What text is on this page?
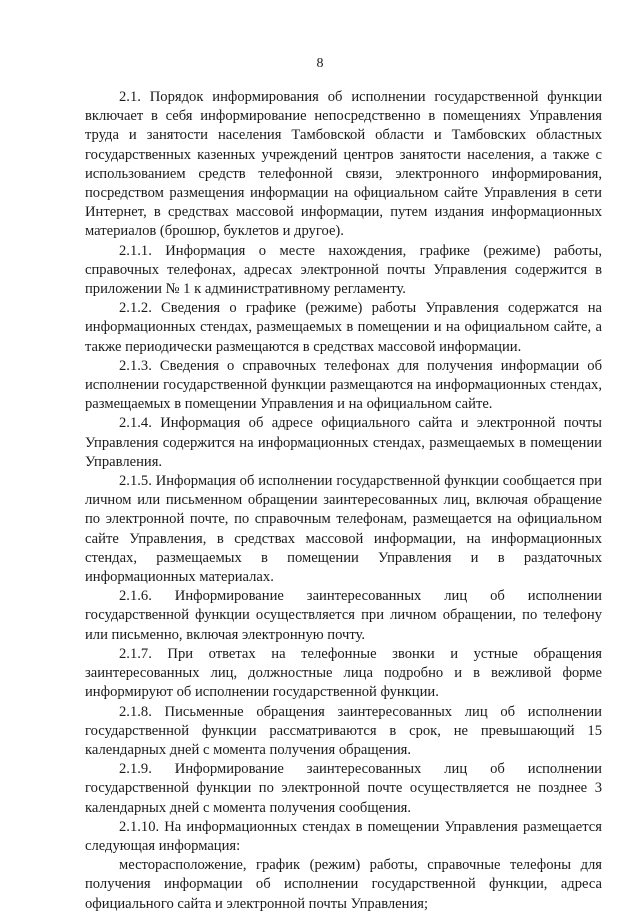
8

2.1. Порядок информирования об исполнении государственной функции включает в себя информирование непосредственно в помещениях Управления труда и занятости населения Тамбовской области и Тамбовских областных государственных казенных учреждений центров занятости населения, а также с использованием средств телефонной связи, электронного информирования, посредством размещения информации на официальном сайте Управления в сети Интернет, в средствах массовой информации, путем издания информационных материалов (брошюр, буклетов и другое).

2.1.1. Информация о месте нахождения, графике (режиме) работы, справочных телефонах, адресах электронной почты Управления содержится в приложении № 1 к административному регламенту.

2.1.2. Сведения о графике (режиме) работы Управления содержатся на информационных стендах, размещаемых в помещении и на официальном сайте, а также периодически размещаются в средствах массовой информации.

2.1.3. Сведения о справочных телефонах для получения информации об исполнении государственной функции размещаются на информационных стендах, размещаемых в помещении Управления и на официальном сайте.

2.1.4. Информация об адресе официального сайта и электронной почты Управления содержится на информационных стендах, размещаемых в помещении Управления.

2.1.5. Информация об исполнении государственной функции сообщается при личном или письменном обращении заинтересованных лиц, включая обращение по электронной почте, по справочным телефонам, размещается на официальном сайте Управления, в средствах массовой информации, на информационных стендах, размещаемых в помещении Управления и в раздаточных информационных материалах.

2.1.6. Информирование заинтересованных лиц об исполнении государственной функции осуществляется при личном обращении, по телефону или письменно, включая электронную почту.

2.1.7. При ответах на телефонные звонки и устные обращения заинтересованных лиц, должностные лица подробно и в вежливой форме информируют об исполнении государственной функции.

2.1.8. Письменные обращения заинтересованных лиц об исполнении государственной функции рассматриваются в срок, не превышающий 15 календарных дней с момента получения обращения.

2.1.9. Информирование заинтересованных лиц об исполнении государственной функции по электронной почте осуществляется не позднее 3 календарных дней с момента получения сообщения.

2.1.10. На информационных стендах в помещении Управления размещается следующая информация:

месторасположение, график (режим) работы, справочные телефоны для получения информации об исполнении государственной функции, адреса официального сайта и электронной почты Управления;
